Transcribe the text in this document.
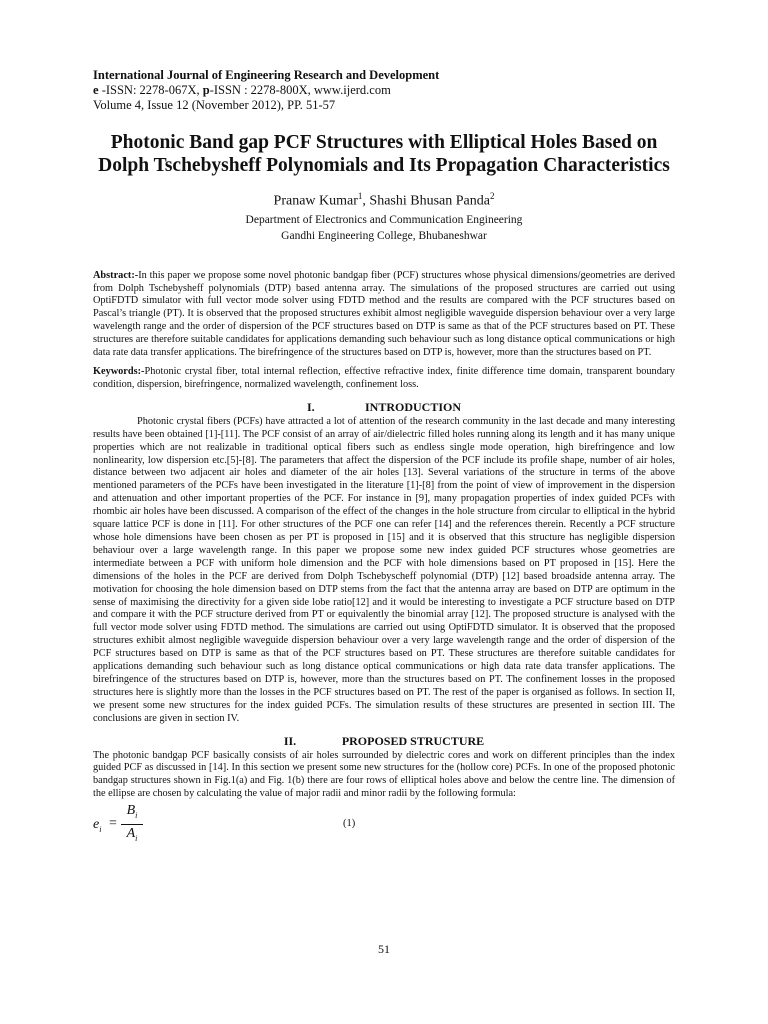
International Journal of Engineering Research and Development
e -ISSN: 2278-067X, p-ISSN : 2278-800X, www.ijerd.com
Volume 4, Issue 12 (November 2012), PP. 51-57
Photonic Band gap PCF Structures with Elliptical Holes Based on Dolph Tschebysheff Polynomials and Its Propagation Characteristics
Pranaw Kumar$^1$, Shashi Bhusan Panda$^2$
Department of Electronics and Communication Engineering
Gandhi Engineering College, Bhubaneshwar

Abstract:-In this paper we propose some novel photonic bandgap fiber (PCF) structures whose physical dimensions/geometries are derived from Dolph Tschebysheff polynomials (DTP) based antenna array. The simulations of the proposed structures are carried out using OptiFDTD simulator with full vector mode solver using FDTD method and the results are compared with the PCF structures based on Pascal’s triangle (PT). It is observed that the proposed structures exhibit almost negligible waveguide dispersion behaviour over a very large wavelength range and the order of dispersion of the PCF structures based on DTP is same as that of the PCF structures based on PT. These structures are therefore suitable candidates for applications demanding such behaviour such as long distance optical communications or high data rate data transfer applications. The birefringence of the structures based on DTP is, however, more than the structures based on PT.

Keywords:-Photonic crystal fiber, total internal reflection, effective refractive index, finite difference time domain, transparent boundary condition, dispersion, birefringence, normalized wavelength, confinement loss.

I.	INTRODUCTION

Photonic crystal fibers (PCFs) have attracted a lot of attention of the research community in the last decade and many interesting results have been obtained [1]-[11]. The PCF consist of an array of air/dielectric filled holes running along its length and it has many unique properties which are not realizable in traditional optical fibers such as endless single mode operation, high birefringence and low nonlinearity, low dispersion etc.[5]-[8]. The parameters that affect the dispersion of the PCF include its profile shape, number of air holes, distance between two adjacent air holes and diameter of the air holes [13]. Several variations of the structure in terms of the above mentioned parameters of the PCFs have been investigated in the literature [1]-[8] from the point of view of improvement in the dispersion and attenuation and other important properties of the PCF. For instance in [9], many propagation properties of index guided PCFs with rhombic air holes have been discussed. A comparison of the effect of the changes in the hole structure from circular to elliptical in the hybrid square lattice PCF is done in [11]. For other structures of the PCF one can refer [14] and the references therein. Recently a PCF structure whose hole dimensions have been chosen as per PT is proposed in [15] and it is observed that this structure has negligible dispersion behaviour over a large wavelength range. In this paper we propose some new index guided PCF structures whose geometries are intermediate between a PCF with uniform hole dimension and the PCF with hole dimensions based on PT proposed in [15]. Here the dimensions of the holes in the PCF are derived from Dolph Tschebyscheff polynomial (DTP) [12] based broadside antenna array. The motivation for choosing the hole dimension based on DTP stems from the fact that the antenna array are based on DTP are optimum in the sense of maximising the directivity for a given side lobe ratio[12] and it would be interesting to investigate a PCF structure based on DTP and compare it with the PCF structure derived from PT or equivalently the binomial array [12]. The proposed structure is analysed with the full vector mode solver using FDTD method. The simulations are carried out using OptiFDTD simulator. It is observed that the proposed structures exhibit almost negligible waveguide dispersion behaviour over a very large wavelength range and the order of dispersion of the PCF structures based on DTP is same as that of the PCF structures based on PT. These structures are therefore suitable candidates for applications demanding such behaviour such as long distance optical communications or high data rate data transfer applications. The birefringence of the structures based on DTP is, however, more than the structures based on PT. The confinement losses in the proposed structures here is slightly more than the losses in the PCF structures based on PT. The rest of the paper is organised as follows. In section II, we present some new structures for the index guided PCFs. The simulation results of these structures are presented in section III. The conclusions are given in section IV.

II.	PROPOSED STRUCTURE

The photonic bandgap PCF basically consists of air holes surrounded by dielectric cores and work on different principles than the index guided PCF as discussed in [14]. In this section we present some new structures for the (hollow core) PCFs. In one of the proposed photonic bandgap structures shown in Fig.1(a) and Fig. 1(b) there are four rows of elliptical holes above and below the centre line. The dimension of the ellipse are chosen by calculating the value of major radii and minor radii by the following formula:

$e_i = \frac{B_i}{A_i}$	(1)
51
